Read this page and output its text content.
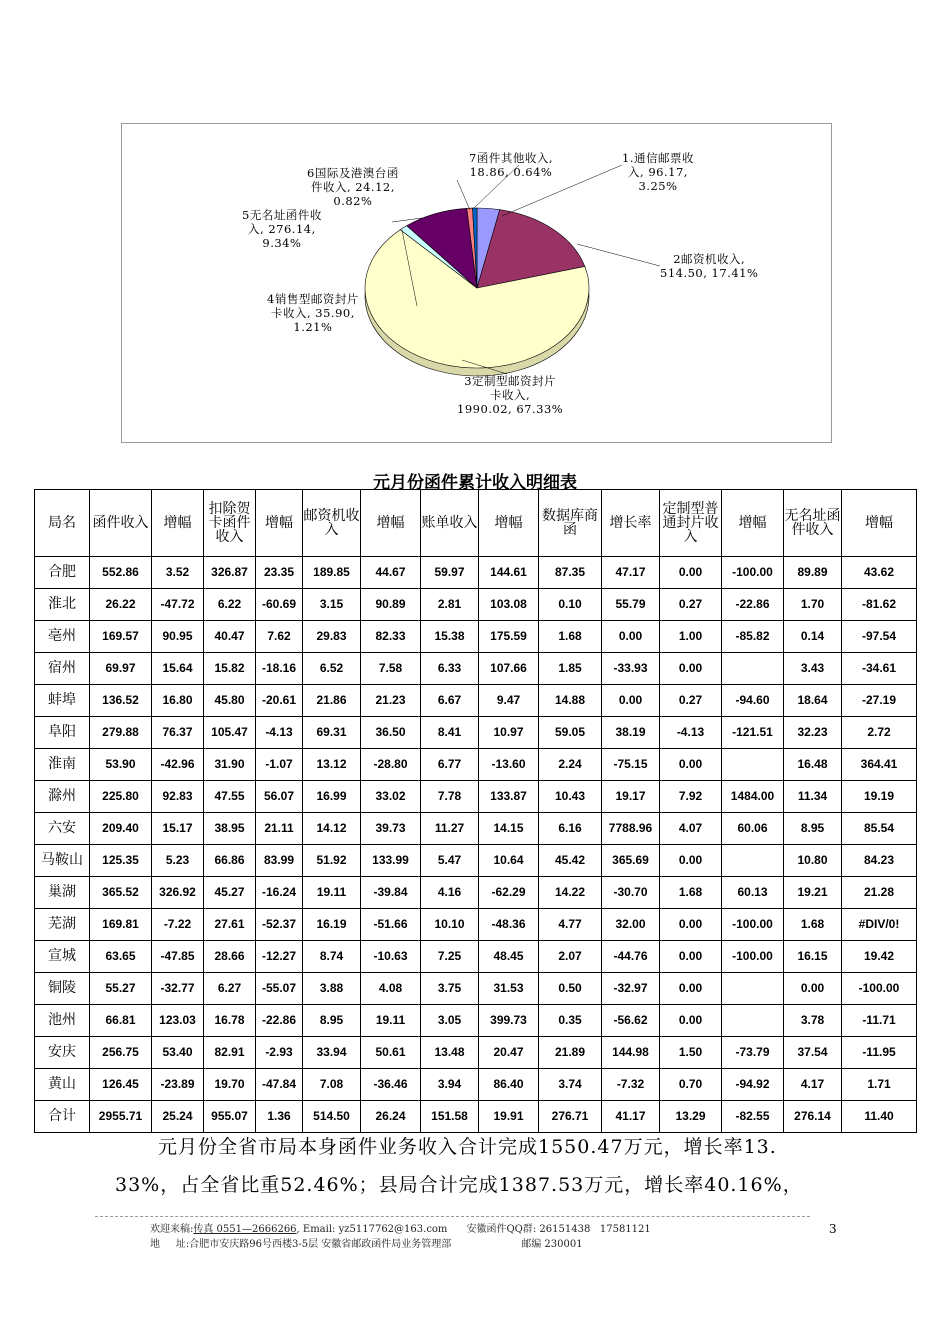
1.通信邮票收
入, 96.17,
3.25%
2邮资机收入,
514.50, 17.41%
3定制型邮资封片
卡收入,
1990.02, 67.33%
4销售型邮资封片
卡收入, 35.90,
1.21%
5无名址函件收
入, 276.14,
9.34%
6国际及港澳台函
件收入, 24.12,
0.82%
7函件其他收入,
18.86, 0.64%
元月份函件累计收入明细表
局名	函件收入	增幅	扣除贺卡函件收入	增幅	邮资机收入	增幅	账单收入	增幅	数据库商函	增长率	定制型普通封片收入	增幅	无名址函件收入	增幅
合肥	552.86	3.52	326.87	23.35	189.85	44.67	59.97	144.61	87.35	47.17	0.00	-100.00	89.89	43.62
淮北	26.22	-47.72	6.22	-60.69	3.15	90.89	2.81	103.08	0.10	55.79	0.27	-22.86	1.70	-81.62
亳州	169.57	90.95	40.47	7.62	29.83	82.33	15.38	175.59	1.68	0.00	1.00	-85.82	0.14	-97.54
宿州	69.97	15.64	15.82	-18.16	6.52	7.58	6.33	107.66	1.85	-33.93	0.00		3.43	-34.61
蚌埠	136.52	16.80	45.80	-20.61	21.86	21.23	6.67	9.47	14.88	0.00	0.27	-94.60	18.64	-27.19
阜阳	279.88	76.37	105.47	-4.13	69.31	36.50	8.41	10.97	59.05	38.19	-4.13	-121.51	32.23	2.72
淮南	53.90	-42.96	31.90	-1.07	13.12	-28.80	6.77	-13.60	2.24	-75.15	0.00		16.48	364.41
滁州	225.80	92.83	47.55	56.07	16.99	33.02	7.78	133.87	10.43	19.17	7.92	1484.00	11.34	19.19
六安	209.40	15.17	38.95	21.11	14.12	39.73	11.27	14.15	6.16	7788.96	4.07	60.06	8.95	85.54
马鞍山	125.35	5.23	66.86	83.99	51.92	133.99	5.47	10.64	45.42	365.69	0.00		10.80	84.23
巢湖	365.52	326.92	45.27	-16.24	19.11	-39.84	4.16	-62.29	14.22	-30.70	1.68	60.13	19.21	21.28
芜湖	169.81	-7.22	27.61	-52.37	16.19	-51.66	10.10	-48.36	4.77	32.00	0.00	-100.00	1.68	#DIV/0!
宣城	63.65	-47.85	28.66	-12.27	8.74	-10.63	7.25	48.45	2.07	-44.76	0.00	-100.00	16.15	19.42
铜陵	55.27	-32.77	6.27	-55.07	3.88	4.08	3.75	31.53	0.50	-32.97	0.00		0.00	-100.00
池州	66.81	123.03	16.78	-22.86	8.95	19.11	3.05	399.73	0.35	-56.62	0.00		3.78	-11.71
安庆	256.75	53.40	82.91	-2.93	33.94	50.61	13.48	20.47	21.89	144.98	1.50	-73.79	37.54	-11.95
黄山	126.45	-23.89	19.70	-47.84	7.08	-36.46	3.94	86.40	3.74	-7.32	0.70	-94.92	4.17	1.71
合计	2955.71	25.24	955.07	1.36	514.50	26.24	151.58	19.91	276.71	41.17	13.29	-82.55	276.14	11.40
元月份全省市局本身函件业务收入合计完成1550.47万元，增长率13.
33%，占全省比重52.46%；县局合计完成1387.53万元，增长率40.16%，
欢迎来稿:传真 0551—2666266, Email: yz5117762@163.com      安徽函件QQ群: 26151438   17581121
地     址:合肥市安庆路96号西楼3-5层 安徽省邮政函件局业务管理部                      邮编 230001
3
